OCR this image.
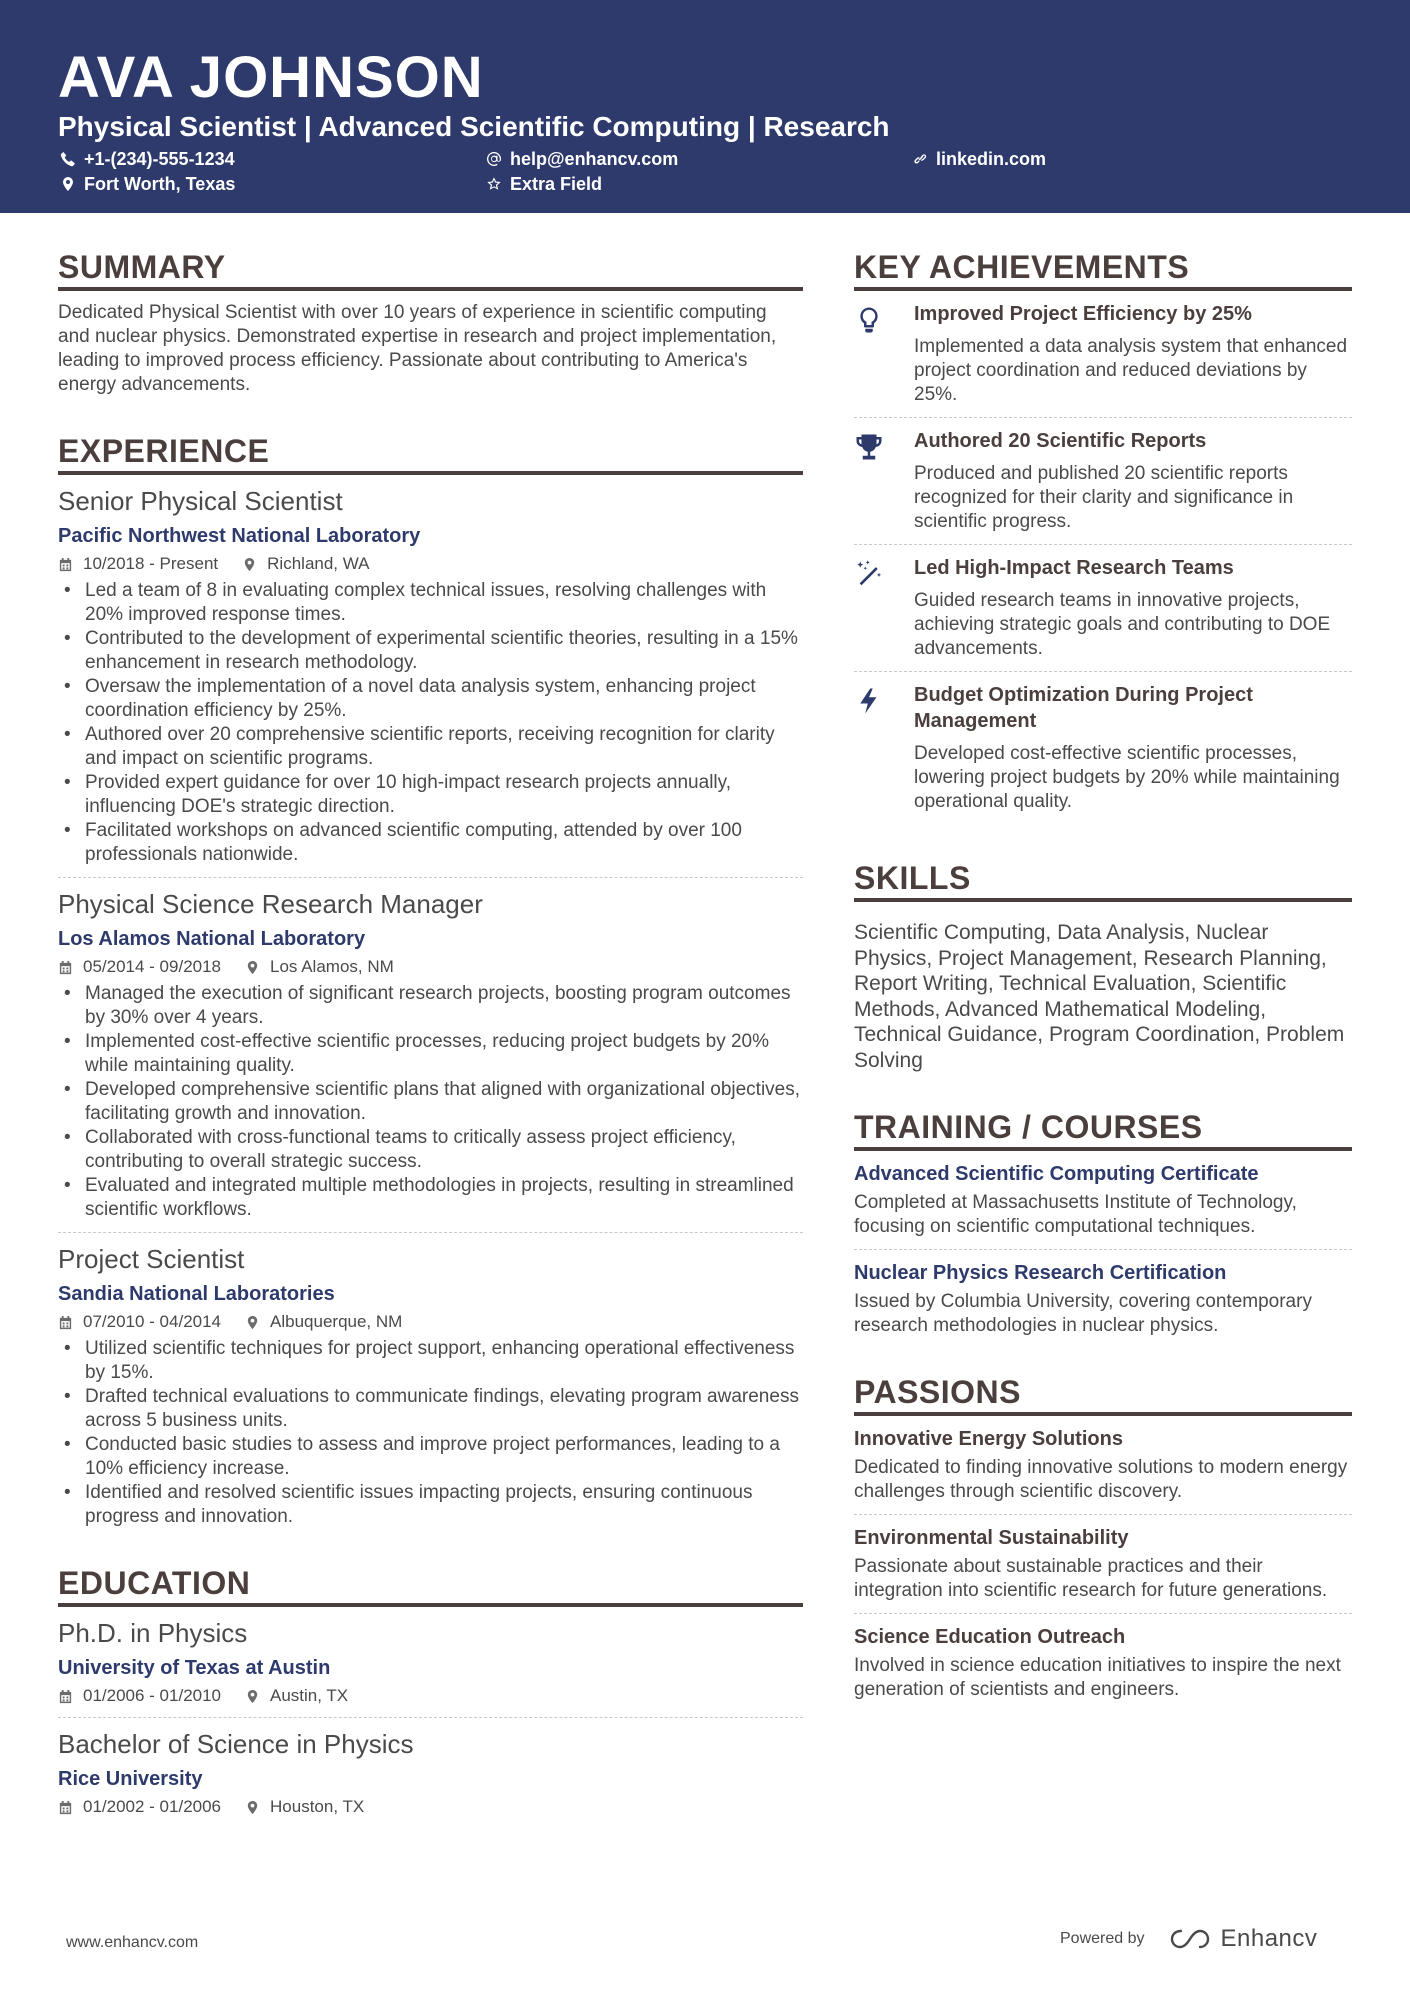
AVA JOHNSON
Physical Scientist | Advanced Scientific Computing | Research
+1-(234)-555-1234	help@enhancv.com	linkedin.com
Fort Worth, Texas	Extra Field
SUMMARY
Dedicated Physical Scientist with over 10 years of experience in scientific computing and nuclear physics. Demonstrated expertise in research and project implementation, leading to improved process efficiency. Passionate about contributing to America's energy advancements.
EXPERIENCE
Senior Physical Scientist
Pacific Northwest National Laboratory
10/2018 - Present	Richland, WA
• Led a team of 8 in evaluating complex technical issues, resolving challenges with 20% improved response times.
• Contributed to the development of experimental scientific theories, resulting in a 15% enhancement in research methodology.
• Oversaw the implementation of a novel data analysis system, enhancing project coordination efficiency by 25%.
• Authored over 20 comprehensive scientific reports, receiving recognition for clarity and impact on scientific programs.
• Provided expert guidance for over 10 high-impact research projects annually, influencing DOE's strategic direction.
• Facilitated workshops on advanced scientific computing, attended by over 100 professionals nationwide.
Physical Science Research Manager
Los Alamos National Laboratory
05/2014 - 09/2018	Los Alamos, NM
• Managed the execution of significant research projects, boosting program outcomes by 30% over 4 years.
• Implemented cost-effective scientific processes, reducing project budgets by 20% while maintaining quality.
• Developed comprehensive scientific plans that aligned with organizational objectives, facilitating growth and innovation.
• Collaborated with cross-functional teams to critically assess project efficiency, contributing to overall strategic success.
• Evaluated and integrated multiple methodologies in projects, resulting in streamlined scientific workflows.
Project Scientist
Sandia National Laboratories
07/2010 - 04/2014	Albuquerque, NM
• Utilized scientific techniques for project support, enhancing operational effectiveness by 15%.
• Drafted technical evaluations to communicate findings, elevating program awareness across 5 business units.
• Conducted basic studies to assess and improve project performances, leading to a 10% efficiency increase.
• Identified and resolved scientific issues impacting projects, ensuring continuous progress and innovation.
EDUCATION
Ph.D. in Physics
University of Texas at Austin
01/2006 - 01/2010	Austin, TX
Bachelor of Science in Physics
Rice University
01/2002 - 01/2006	Houston, TX
KEY ACHIEVEMENTS
Improved Project Efficiency by 25%
Implemented a data analysis system that enhanced project coordination and reduced deviations by 25%.
Authored 20 Scientific Reports
Produced and published 20 scientific reports recognized for their clarity and significance in scientific progress.
Led High-Impact Research Teams
Guided research teams in innovative projects, achieving strategic goals and contributing to DOE advancements.
Budget Optimization During Project Management
Developed cost-effective scientific processes, lowering project budgets by 20% while maintaining operational quality.
SKILLS
Scientific Computing, Data Analysis, Nuclear Physics, Project Management, Research Planning, Report Writing, Technical Evaluation, Scientific Methods, Advanced Mathematical Modeling, Technical Guidance, Program Coordination, Problem Solving
TRAINING / COURSES
Advanced Scientific Computing Certificate
Completed at Massachusetts Institute of Technology, focusing on scientific computational techniques.
Nuclear Physics Research Certification
Issued by Columbia University, covering contemporary research methodologies in nuclear physics.
PASSIONS
Innovative Energy Solutions
Dedicated to finding innovative solutions to modern energy challenges through scientific discovery.
Environmental Sustainability
Passionate about sustainable practices and their integration into scientific research for future generations.
Science Education Outreach
Involved in science education initiatives to inspire the next generation of scientists and engineers.
www.enhancv.com	Powered by	Enhancv
